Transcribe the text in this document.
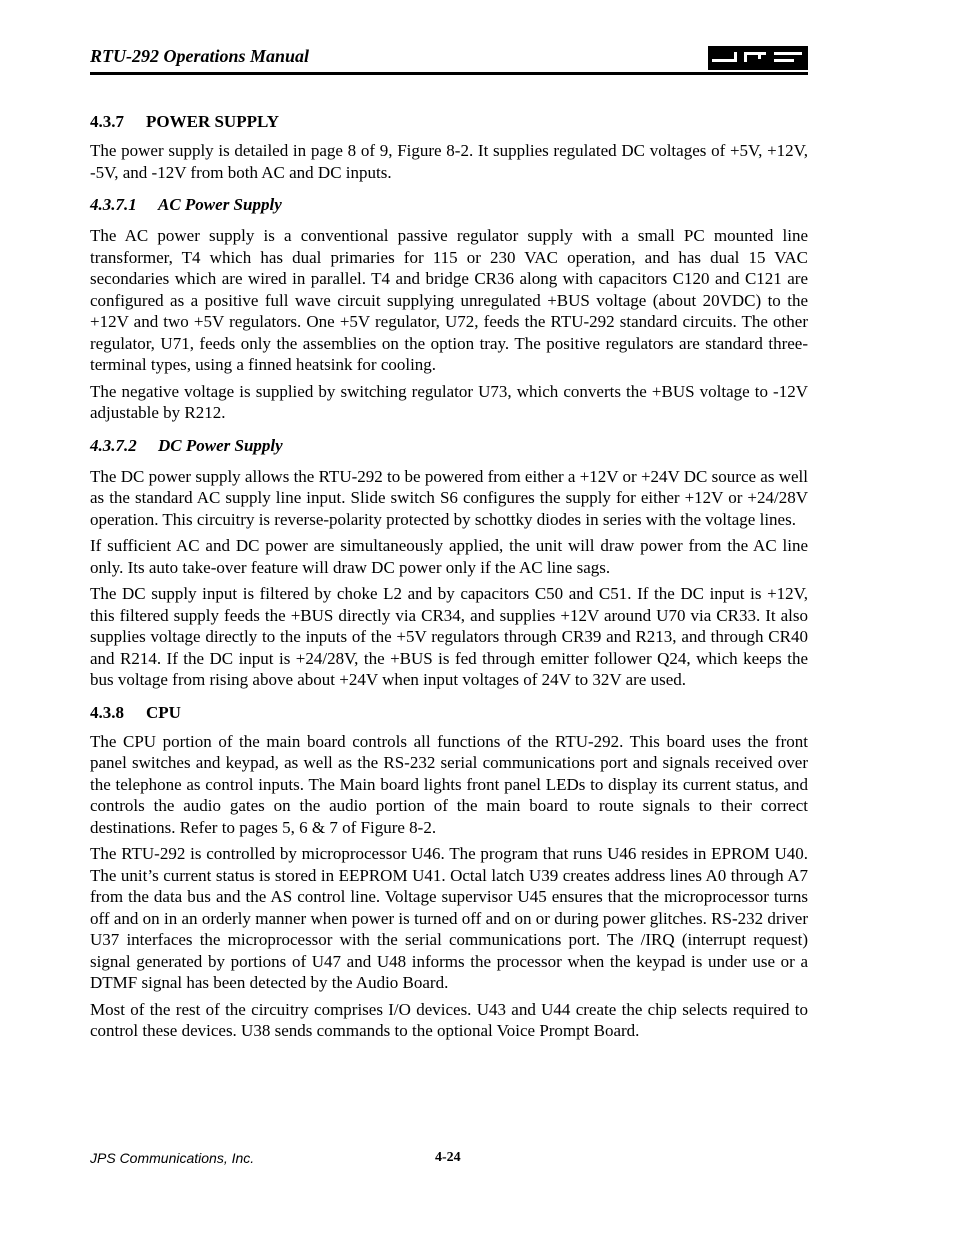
RTU-292 Operations Manual
4.3.7 POWER SUPPLY

The power supply is detailed in page 8 of 9, Figure 8-2. It supplies regulated DC voltages of +5V, +12V, -5V, and -12V from both AC and DC inputs.

4.3.7.1 AC Power Supply

The AC power supply is a conventional passive regulator supply with a small PC mounted line transformer, T4 which has dual primaries for 115 or 230 VAC operation, and has dual 15 VAC secondaries which are wired in parallel. T4 and bridge CR36 along with capacitors C120 and C121 are configured as a positive full wave circuit supplying unregulated +BUS voltage (about 20VDC) to the +12V and two +5V regulators. One +5V regulator, U72, feeds the RTU-292 standard circuits. The other regulator, U71, feeds only the assemblies on the option tray. The positive regulators are standard three-terminal types, using a finned heatsink for cooling.

The negative voltage is supplied by switching regulator U73, which converts the +BUS voltage to -12V adjustable by R212.

4.3.7.2 DC Power Supply

The DC power supply allows the RTU-292 to be powered from either a +12V or +24V DC source as well as the standard AC supply line input. Slide switch S6 configures the supply for either +12V or +24/28V operation. This circuitry is reverse-polarity protected by schottky diodes in series with the voltage lines.

If sufficient AC and DC power are simultaneously applied, the unit will draw power from the AC line only. Its auto take-over feature will draw DC power only if the AC line sags.

The DC supply input is filtered by choke L2 and by capacitors C50 and C51. If the DC input is +12V, this filtered supply feeds the +BUS directly via CR34, and supplies +12V around U70 via CR33. It also supplies voltage directly to the inputs of the +5V regulators through CR39 and R213, and through CR40 and R214. If the DC input is +24/28V, the +BUS is fed through emitter follower Q24, which keeps the bus voltage from rising above about +24V when input voltages of 24V to 32V are used.

4.3.8 CPU

The CPU portion of the main board controls all functions of the RTU-292. This board uses the front panel switches and keypad, as well as the RS-232 serial communications port and signals received over the telephone as control inputs. The Main board lights front panel LEDs to display its current status, and controls the audio gates on the audio portion of the main board to route signals to their correct destinations. Refer to pages 5, 6 & 7 of Figure 8-2.

The RTU-292 is controlled by microprocessor U46. The program that runs U46 resides in EPROM U40. The unit’s current status is stored in EEPROM U41. Octal latch U39 creates address lines A0 through A7 from the data bus and the AS control line. Voltage supervisor U45 ensures that the microprocessor turns off and on in an orderly manner when power is turned off and on or during power glitches. RS-232 driver U37 interfaces the microprocessor with the serial communications port. The /IRQ (interrupt request) signal generated by portions of U47 and U48 informs the processor when the keypad is under use or a DTMF signal has been detected by the Audio Board.

Most of the rest of the circuitry comprises I/O devices. U43 and U44 create the chip selects required to control these devices. U38 sends commands to the optional Voice Prompt Board.

JPS Communications, Inc.	4-24
